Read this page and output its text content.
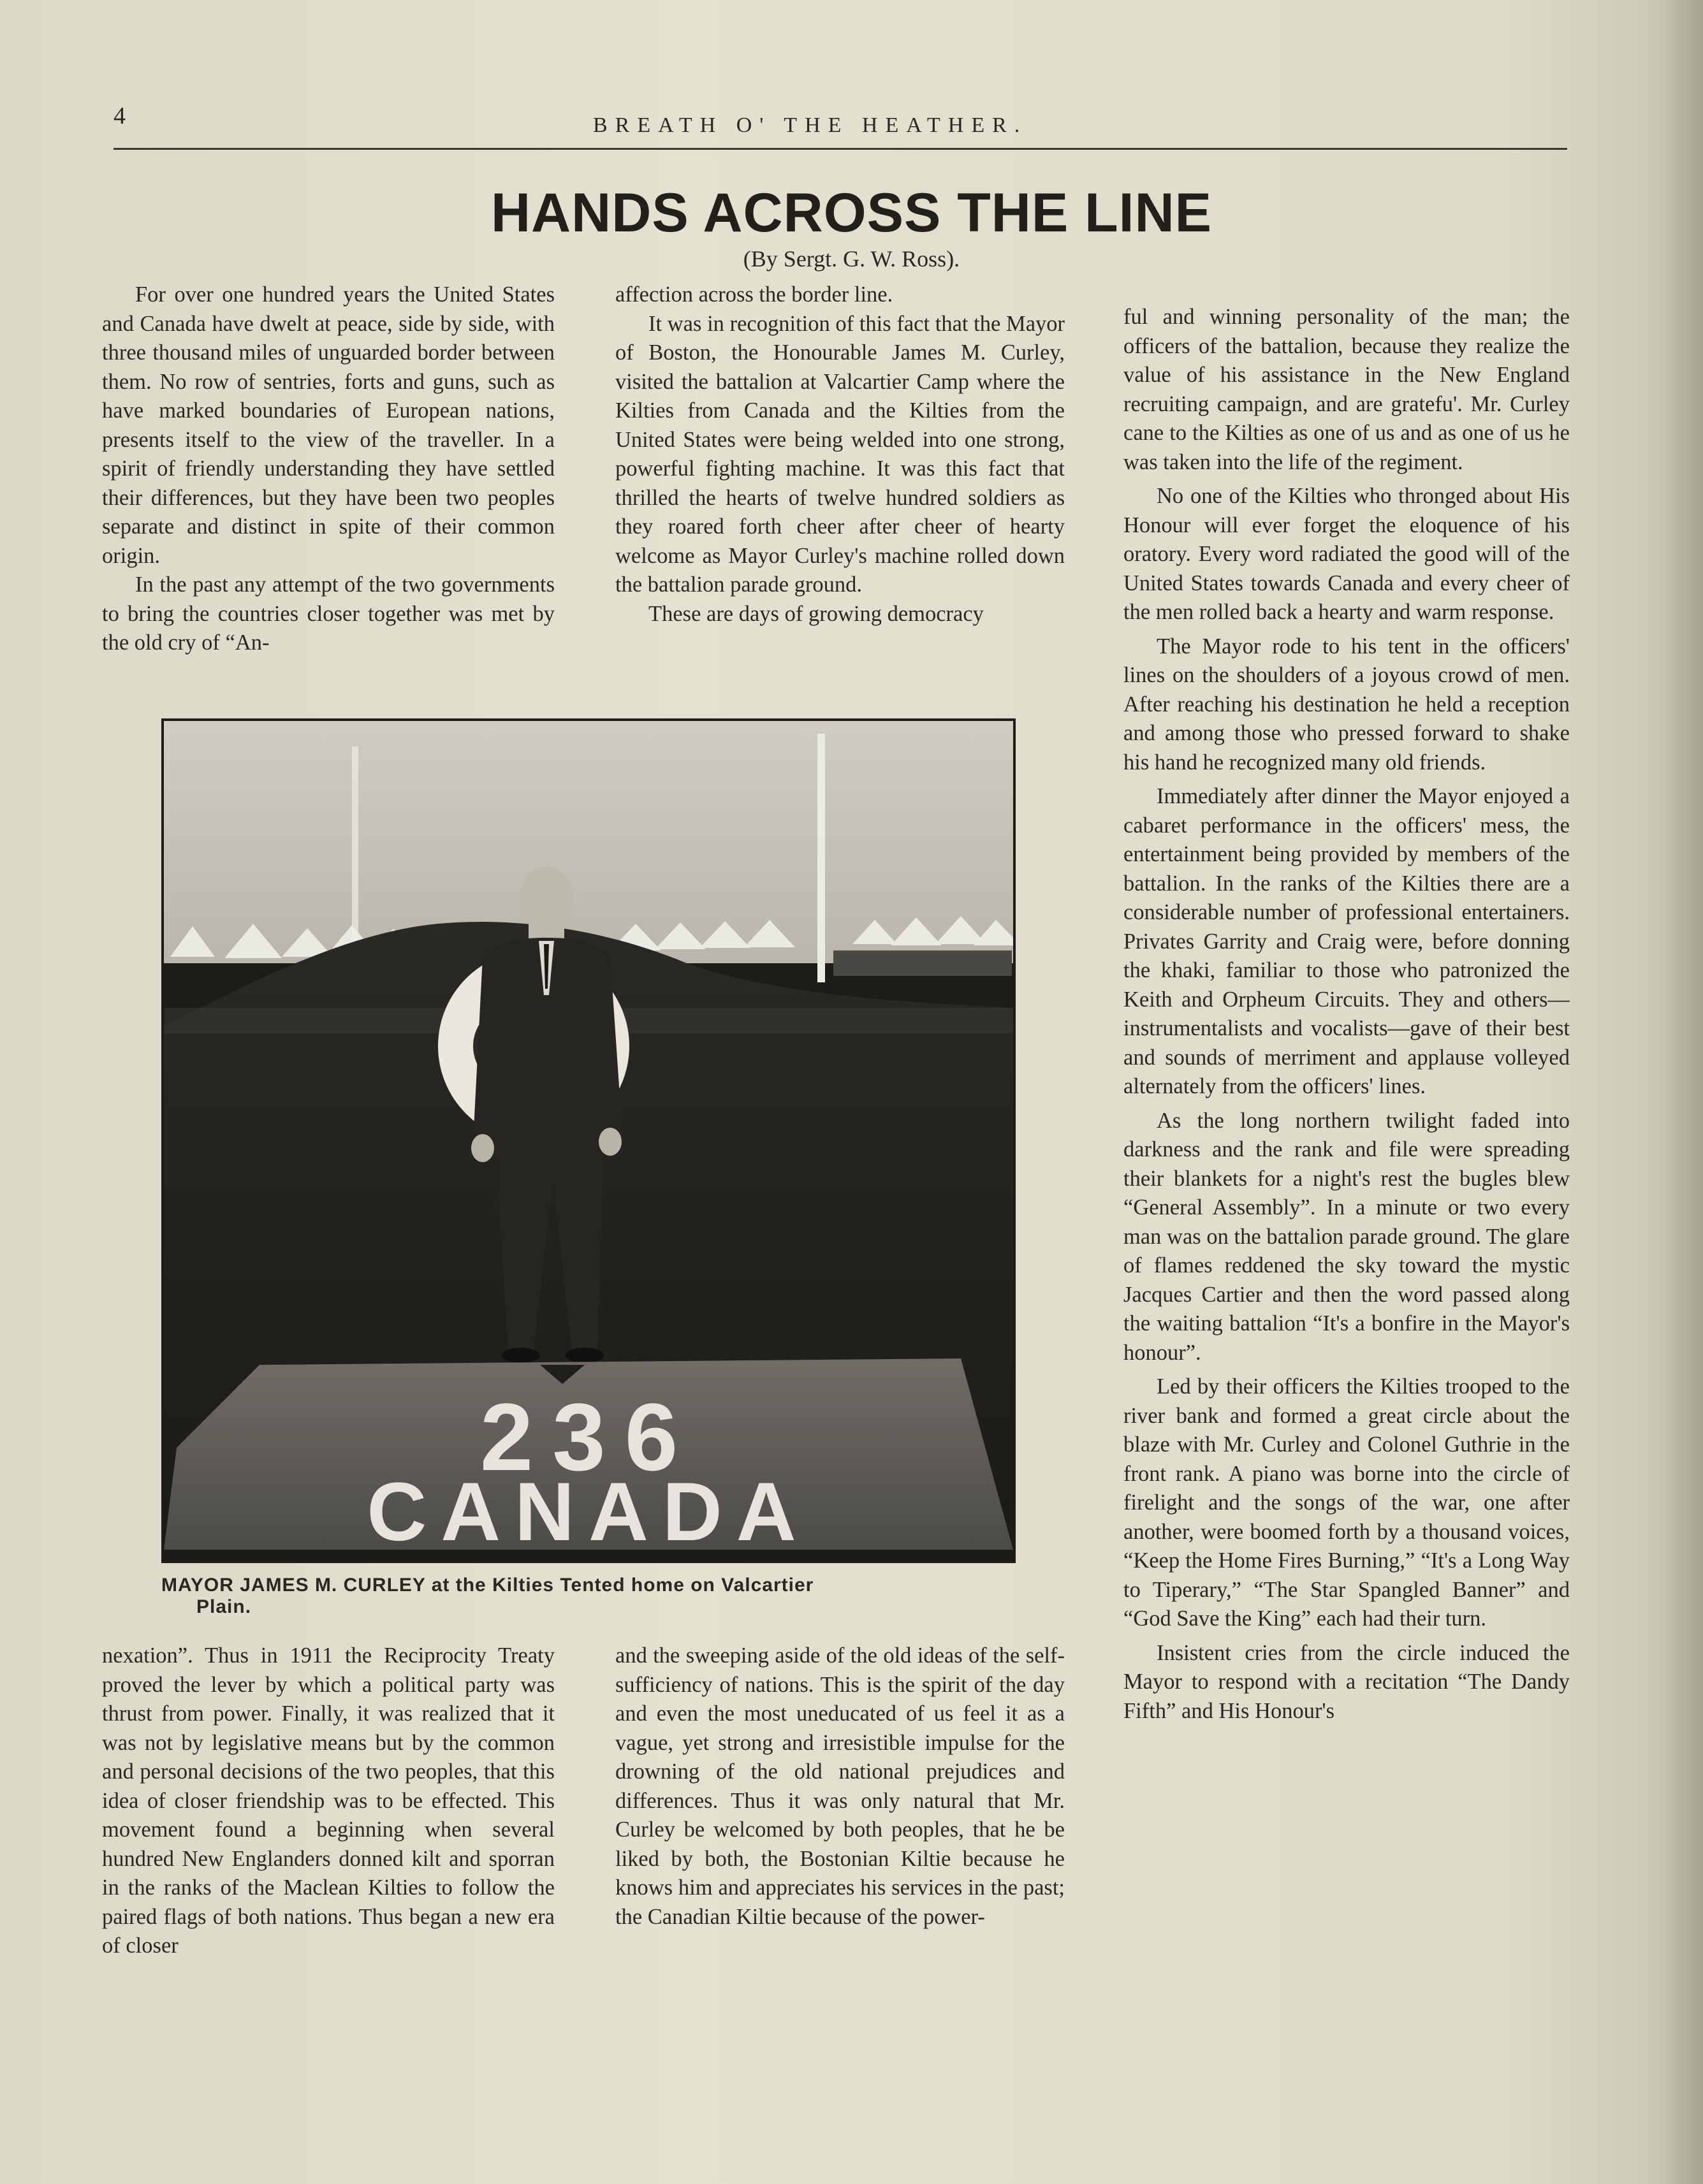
4	BREATH O' THE HEATHER.
HANDS ACROSS THE LINE
(By Sergt. G. W. Ross).

For over one hundred years the United States and Canada have dwelt at peace, side by side, with three thousand miles of unguarded border between them. No row of sentries, forts and guns, such as have marked boundaries of European nations, presents itself to the view of the traveller. In a spirit of friendly understanding they have settled their differences, but they have been two peoples separate and distinct in spite of their common origin.

In the past any attempt of the two governments to bring the countries closer together was met by the old cry of “An-

affection across the border line.

It was in recognition of this fact that the Mayor of Boston, the Honourable James M. Curley, visited the battalion at Valcartier Camp where the Kilties from Canada and the Kilties from the United States were being welded into one strong, powerful fighting machine. It was this fact that thrilled the hearts of twelve hundred soldiers as they roared forth cheer after cheer of hearty welcome as Mayor Curley's machine rolled down the battalion parade ground.

These are days of growing democracy

236
CANADA
MAYOR JAMES M. CURLEY at the Kilties Tented home on Valcartier
Plain.

nexation”. Thus in 1911 the Reciprocity Treaty proved the lever by which a political party was thrust from power. Finally, it was realized that it was not by legislative means but by the common and personal decisions of the two peoples, that this idea of closer friendship was to be effected. This movement found a beginning when several hundred New Englanders donned kilt and sporran in the ranks of the Maclean Kilties to follow the paired flags of both nations. Thus began a new era of closer

and the sweeping aside of the old ideas of the self-sufficiency of nations. This is the spirit of the day and even the most uneducated of us feel it as a vague, yet strong and irresistible impulse for the drowning of the old national prejudices and differences. Thus it was only natural that Mr. Curley be welcomed by both peoples, that he be liked by both, the Bostonian Kiltie because he knows him and appreciates his services in the past; the Canadian Kiltie because of the power-

ful and winning personality of the man; the officers of the battalion, because they realize the value of his assistance in the New England recruiting campaign, and are gratefu'. Mr. Curley cane to the Kilties as one of us and as one of us he was taken into the life of the regiment.

No one of the Kilties who thronged about His Honour will ever forget the eloquence of his oratory. Every word radiated the good will of the United States towards Canada and every cheer of the men rolled back a hearty and warm response.

The Mayor rode to his tent in the officers' lines on the shoulders of a joyous crowd of men. After reaching his destination he held a reception and among those who pressed forward to shake his hand he recognized many old friends.

Immediately after dinner the Mayor enjoyed a cabaret performance in the officers' mess, the entertainment being provided by members of the battalion. In the ranks of the Kilties there are a considerable number of professional entertainers. Privates Garrity and Craig were, before donning the khaki, familiar to those who patronized the Keith and Orpheum Circuits. They and others—instrumentalists and vocalists—gave of their best and sounds of merriment and applause volleyed alternately from the officers' lines.

As the long northern twilight faded into darkness and the rank and file were spreading their blankets for a night's rest the bugles blew “General Assembly”. In a minute or two every man was on the battalion parade ground. The glare of flames reddened the sky toward the mystic Jacques Cartier and then the word passed along the waiting battalion “It's a bonfire in the Mayor's honour”.

Led by their officers the Kilties trooped to the river bank and formed a great circle about the blaze with Mr. Curley and Colonel Guthrie in the front rank. A piano was borne into the circle of firelight and the songs of the war, one after another, were boomed forth by a thousand voices, “Keep the Home Fires Burning,” “It's a Long Way to Tiperary,” “The Star Spangled Banner” and “God Save the King” each had their turn.

Insistent cries from the circle induced the Mayor to respond with a recitation “The Dandy Fifth” and His Honour's
